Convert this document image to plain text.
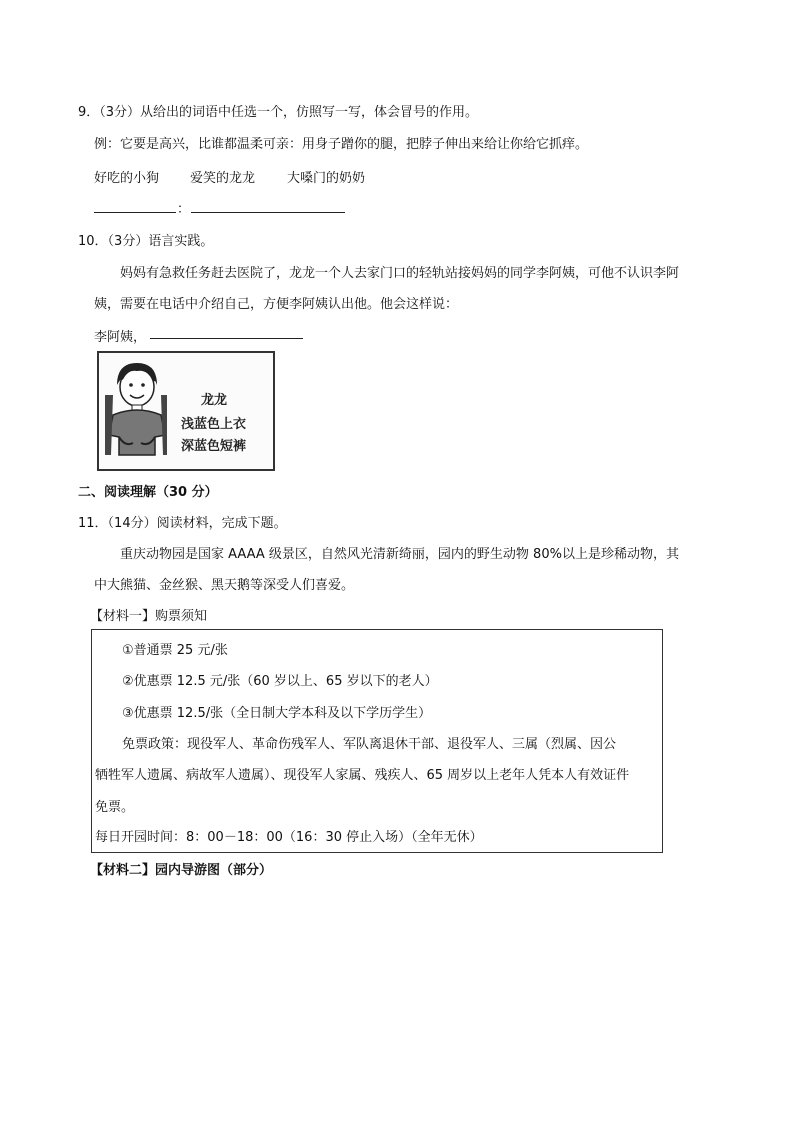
9．（3分）从给出的词语中任选一个，仿照写一写，体会冒号的作用。
例：它要是高兴，比谁都温柔可亲：用身子蹭你的腿，把脖子伸出来给让你给它抓痒。
好吃的小狗 爱笑的龙龙 大嗓门的奶奶
：
10．（3分）语言实践。
妈妈有急救任务赶去医院了，龙龙一个人去家门口的轻轨站接妈妈的同学李阿姨，可他不认识李阿
姨，需要在电话中介绍自己，方便李阿姨认出他。他会这样说：
李阿姨，
龙龙
浅蓝色上衣
深蓝色短裤
二、阅读理解（30 分）
11．（14分）阅读材料，完成下题。
重庆动物园是国家 AAAA 级景区，自然风光清新绮丽，园内的野生动物 80%以上是珍稀动物，其
中大熊猫、金丝猴、黑天鹅等深受人们喜爱。
【材料一】购票须知
①普通票 25 元/张
②优惠票 12.5 元/张（60 岁以上、65 岁以下的老人）
③优惠票 12.5/张（全日制大学本科及以下学历学生）
免票政策：现役军人、革命伤残军人、军队离退休干部、退役军人、三属（烈属、因公
牺牲军人遗属、病故军人遗属）、现役军人家属、残疾人、65 周岁以上老年人凭本人有效证件
免票。
每日开园时间：8：00－18：00（16：30 停止入场）（全年无休）
【材料二】园内导游图（部分）
